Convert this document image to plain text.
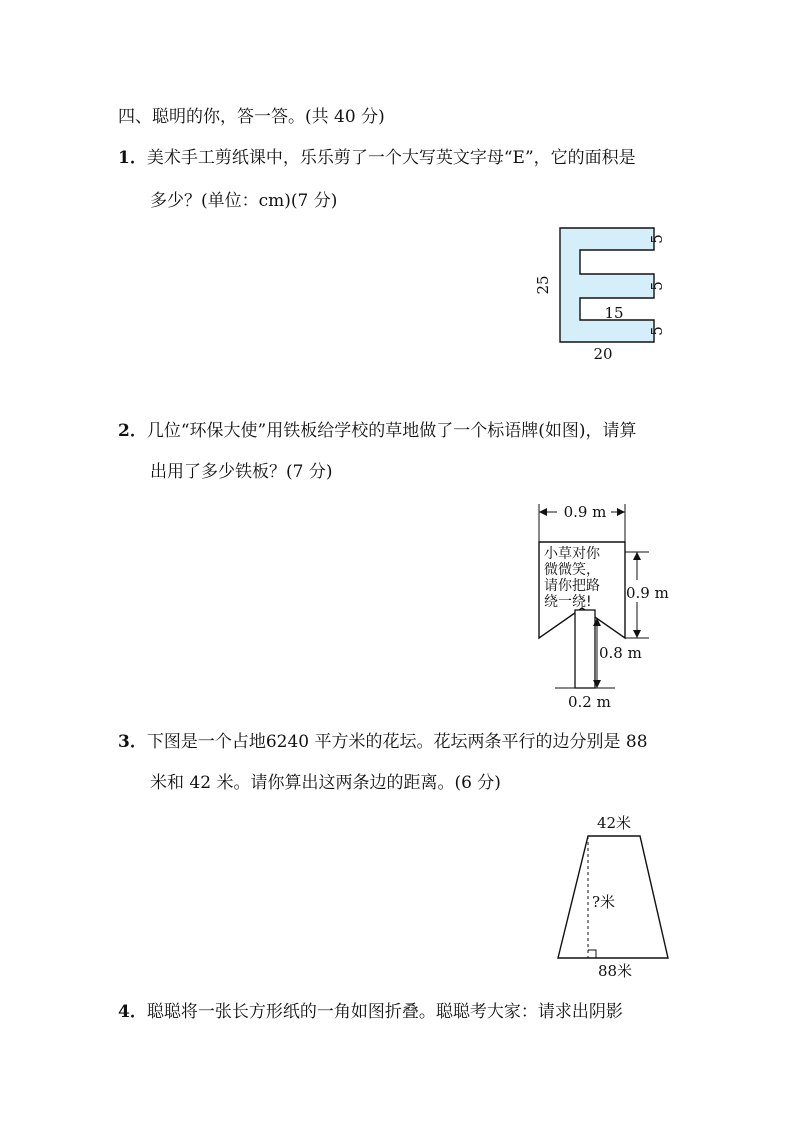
四、聪明的你，答一答。(共 40 分)
1．美术手工剪纸课中，乐乐剪了一个大写英文字母“E”，它的面积是
多少？(单位：cm)(7 分)
25
5
5
5
15
20
2．几位“环保大使”用铁板给学校的草地做了一个标语牌(如图)，请算
出用了多少铁板？(7 分)
0.9 m
小草对你
微微笑，
请你把路
绕一绕! 0.9 m
0.8 m
0.2 m
3．下图是一个占地6240 平方米的花坛。花坛两条平行的边分别是 88
米和 42 米。请你算出这两条边的距离。(6 分)
42米
?米
88米
4．聪聪将一张长方形纸的一角如图折叠。聪聪考大家：请求出阴影
